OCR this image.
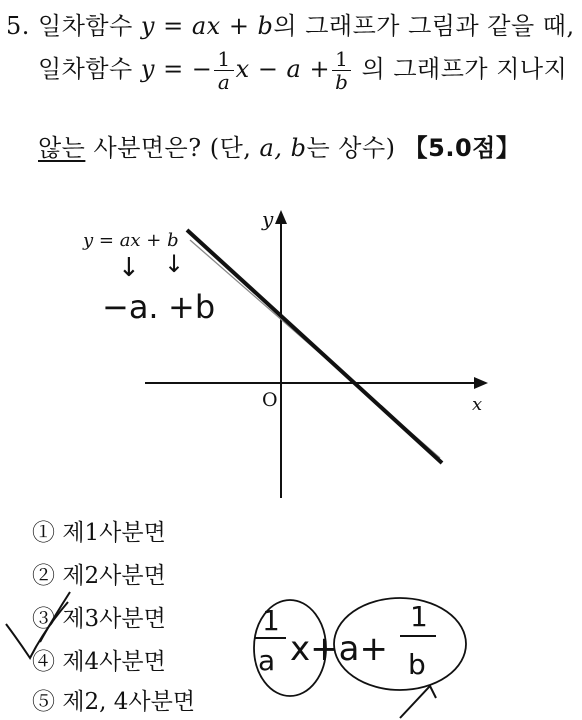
5. 일차함수 y = ax + b의 그래프가 그림과 같을 때,
일차함수 y = − $\frac{1}{a}$ $x - a + \frac{1}{b}$ 의 그래프가 지나지
않는 사분면은? (단, a, b는 상수) 【5.0점】
y
x
O
y = ax + b
↓ ↓
−a. +b
① 제1사분면
② 제2사분면
③ 제3사분면
④ 제4사분면
⑤ 제2, 4사분면
1
a x+a+
1
b
